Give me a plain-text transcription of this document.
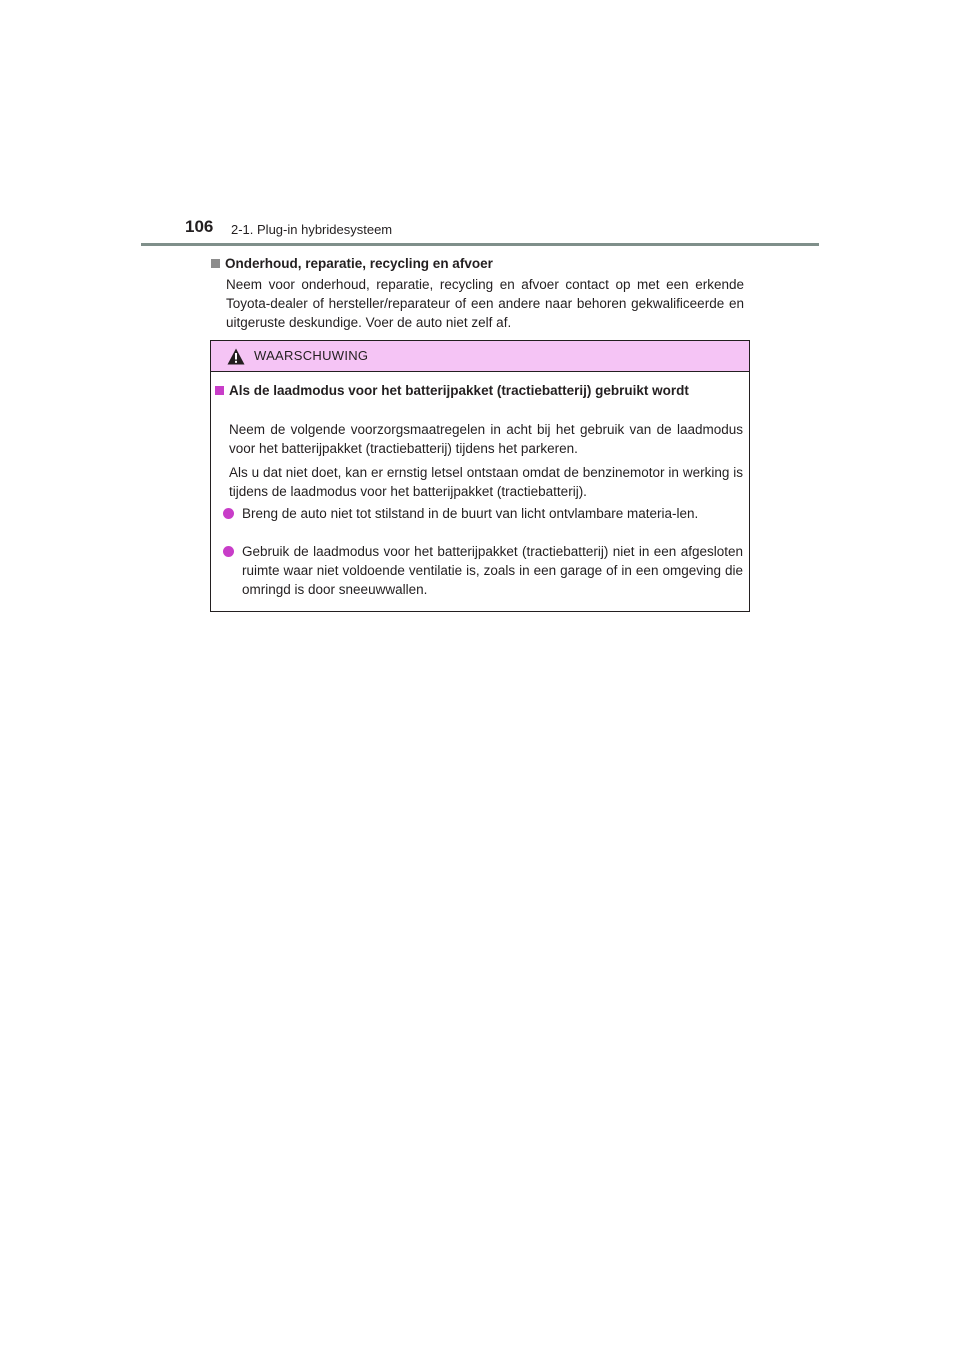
106 2-1. Plug-in hybridesysteem
Onderhoud, reparatie, recycling en afvoer
Neem voor onderhoud, reparatie, recycling en afvoer contact op met een erkende Toyota-dealer of hersteller/reparateur of een andere naar behoren gekwalificeerde en uitgeruste deskundige. Voer de auto niet zelf af.
WAARSCHUWING
Als de laadmodus voor het batterijpakket (tractiebatterij) gebruikt wordt
Neem de volgende voorzorgsmaatregelen in acht bij het gebruik van de laadmodus voor het batterijpakket (tractiebatterij) tijdens het parkeren.
Als u dat niet doet, kan er ernstig letsel ontstaan omdat de benzinemotor in werking is tijdens de laadmodus voor het batterijpakket (tractiebatterij).
Breng de auto niet tot stilstand in de buurt van licht ontvlambare materia-len.
Gebruik de laadmodus voor het batterijpakket (tractiebatterij) niet in een afgesloten ruimte waar niet voldoende ventilatie is, zoals in een garage of in een omgeving die omringd is door sneeuwwallen.
